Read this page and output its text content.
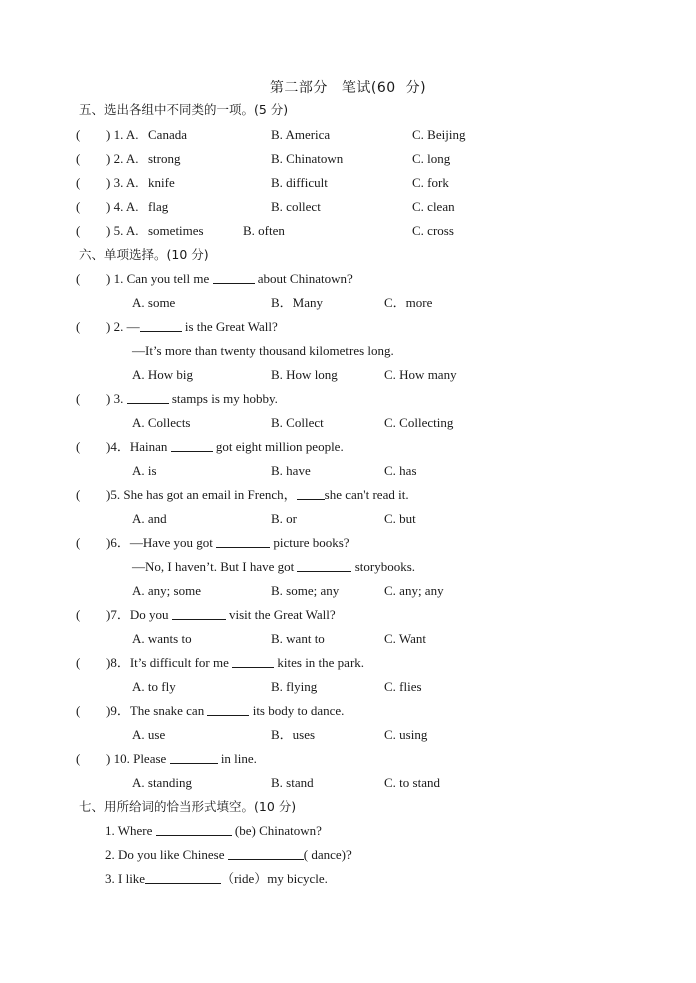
第二部分 笔试(60 分)
五、选出各组中不同类的一项。(5 分)
( ) 1. A. Canada	B. America	C. Beijing
( ) 2. A. strong	B. Chinatown	C. long
( ) 3. A. knife	B. difficult	C. fork
( ) 4. A. flag	B. collect	C. clean
( ) 5. A. sometimes	B. often	C. cross
六、单项选择。(10 分)
( ) 1. Can you tell me	about Chinatown?
A. some	B．Many	C．more
( ) 2. —	is the Great Wall?
—It’s more than twenty thousand kilometres long.
A. How big	B. How long	C. How many
( ) 3.	stamps is my hobby.
A. Collects	B. Collect	C. Collecting
( )4．Hainan	got eight million people.
A. is	B. have	C. has
( )5. She has got an email in French， she can't read it.
A. and	B. or	C. but
( )6．—Have you got	picture books?
—No, I haven’t. But I have got	storybooks.
A. any; some	B. some; any	C. any; any
( )7．Do you	visit the Great Wall?
A. wants to	B. want to	C. Want
( )8．It’s difficult for me	kites in the park.
A. to fly	B. flying	C. flies
( )9．The snake can	its body to dance.
A. use	B．uses	C. using
( ) 10. Please	in line.
A. standing	B. stand	C. to stand
七、用所给词的恰当形式填空。(10 分)
1. Where	(be) Chinatown?
2. Do you like Chinese	( dance)?
3. I like	（ride）my bicycle.
